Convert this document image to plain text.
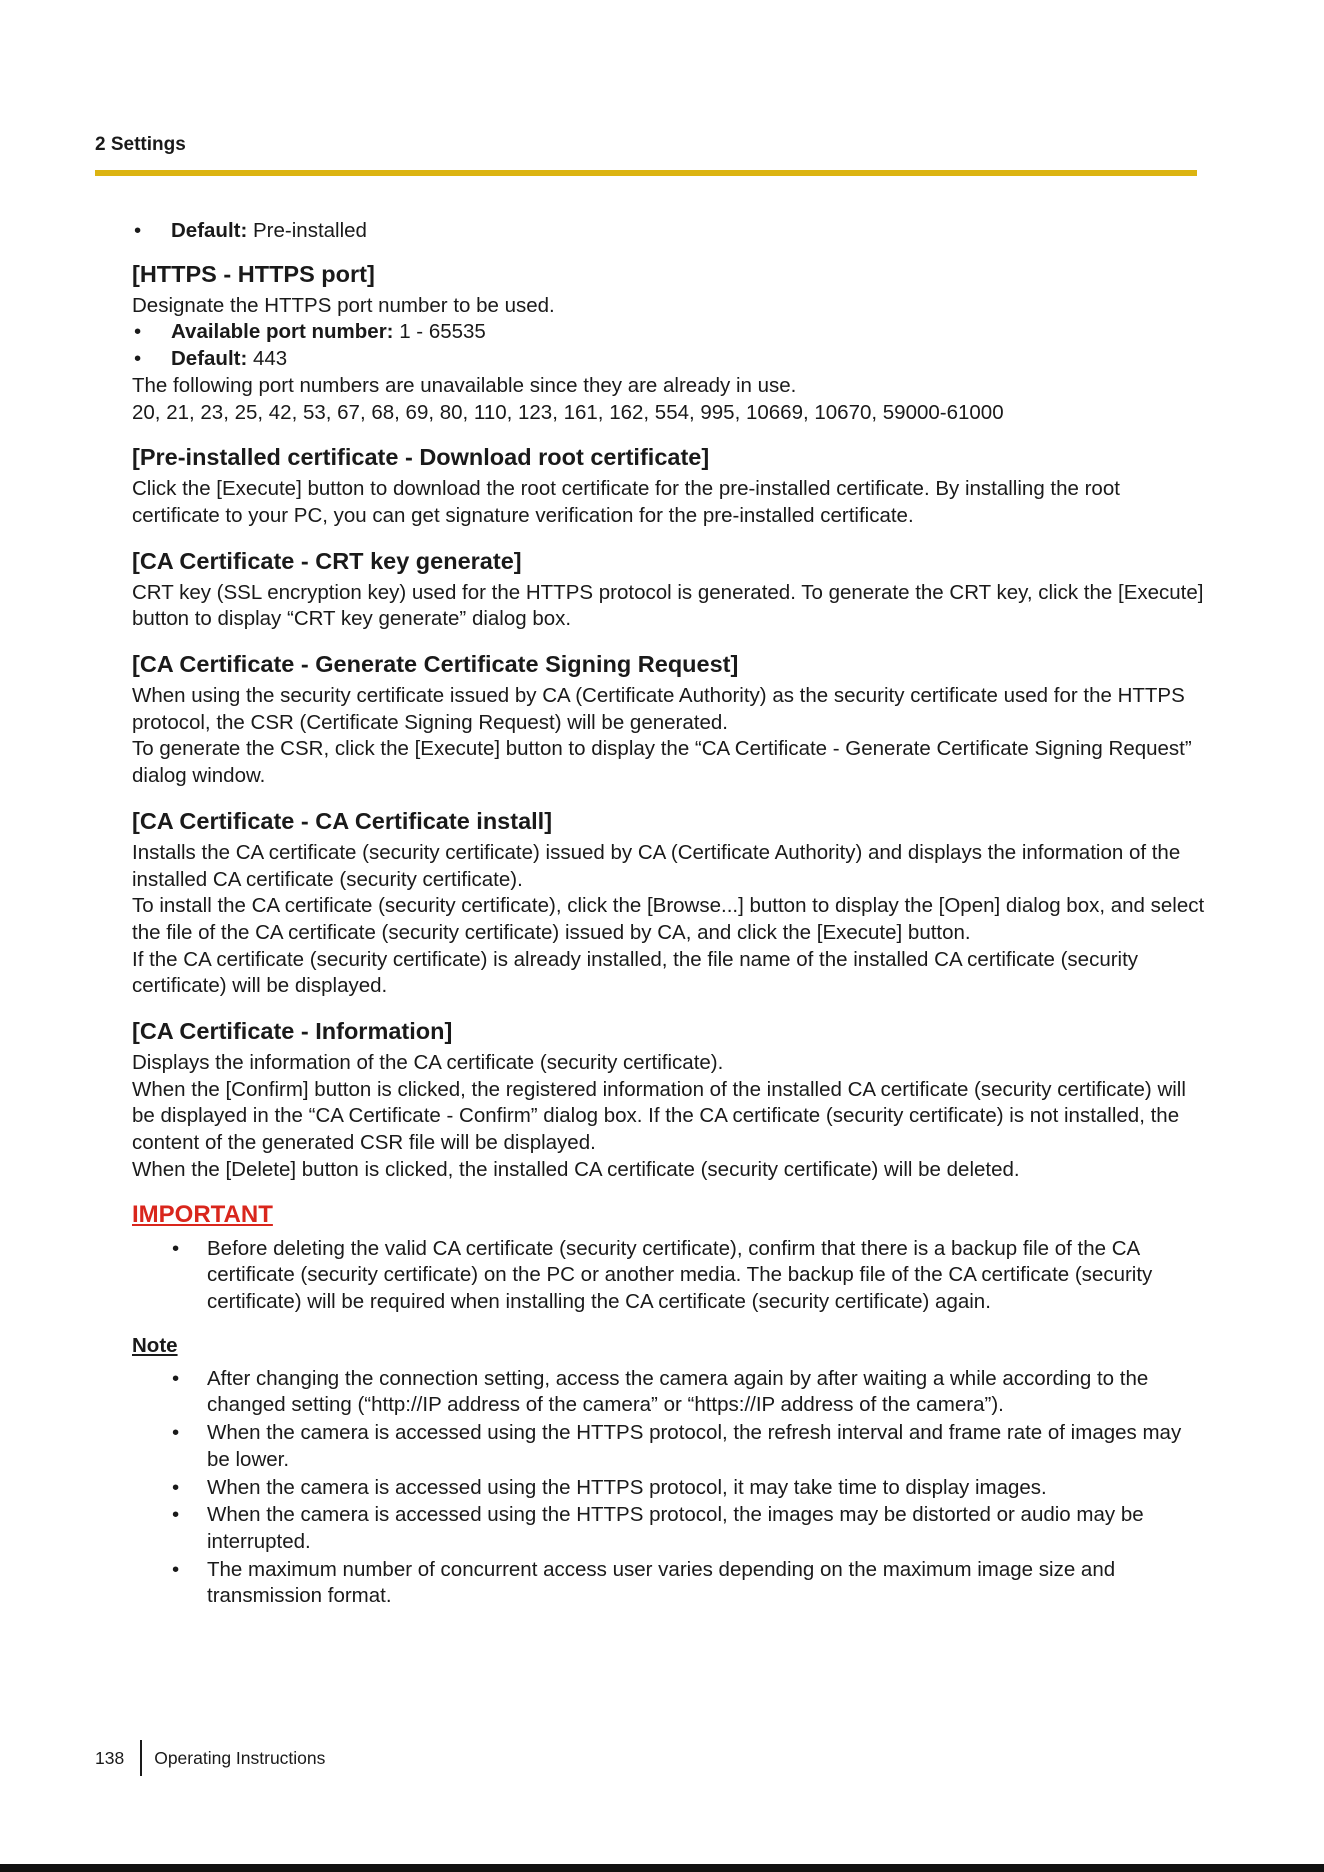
2 Settings
• Default: Pre-installed
[HTTPS - HTTPS port]

Designate the HTTPS port number to be used.

• Available port number: 1 - 65535
• Default: 443

The following port numbers are unavailable since they are already in use.

20, 21, 23, 25, 42, 53, 67, 68, 69, 80, 110, 123, 161, 162, 554, 995, 10669, 10670, 59000-61000

[Pre-installed certificate - Download root certificate]

Click the [Execute] button to download the root certificate for the pre-installed certificate. By installing the root certificate to your PC, you can get signature verification for the pre-installed certificate.

[CA Certificate - CRT key generate]

CRT key (SSL encryption key) used for the HTTPS protocol is generated. To generate the CRT key, click the [Execute] button to display “CRT key generate” dialog box.

[CA Certificate - Generate Certificate Signing Request]

When using the security certificate issued by CA (Certificate Authority) as the security certificate used for the HTTPS protocol, the CSR (Certificate Signing Request) will be generated.

To generate the CSR, click the [Execute] button to display the “CA Certificate - Generate Certificate Signing Request” dialog window.

[CA Certificate - CA Certificate install]

Installs the CA certificate (security certificate) issued by CA (Certificate Authority) and displays the information of the installed CA certificate (security certificate).

To install the CA certificate (security certificate), click the [Browse...] button to display the [Open] dialog box, and select the file of the CA certificate (security certificate) issued by CA, and click the [Execute] button.

If the CA certificate (security certificate) is already installed, the file name of the installed CA certificate (security certificate) will be displayed.

[CA Certificate - Information]

Displays the information of the CA certificate (security certificate).

When the [Confirm] button is clicked, the registered information of the installed CA certificate (security certificate) will be displayed in the “CA Certificate - Confirm” dialog box. If the CA certificate (security certificate) is not installed, the content of the generated CSR file will be displayed.

When the [Delete] button is clicked, the installed CA certificate (security certificate) will be deleted.

IMPORTANT
• Before deleting the valid CA certificate (security certificate), confirm that there is a backup file of the CA certificate (security certificate) on the PC or another media. The backup file of the CA certificate (security certificate) will be required when installing the CA certificate (security certificate) again.
Note
• After changing the connection setting, access the camera again by after waiting a while according to the changed setting (“http://IP address of the camera” or “https://IP address of the camera”).
• When the camera is accessed using the HTTPS protocol, the refresh interval and frame rate of images may be lower.
• When the camera is accessed using the HTTPS protocol, it may take time to display images.
• When the camera is accessed using the HTTPS protocol, the images may be distorted or audio may be interrupted.
• The maximum number of concurrent access user varies depending on the maximum image size and transmission format.
138 Operating Instructions
